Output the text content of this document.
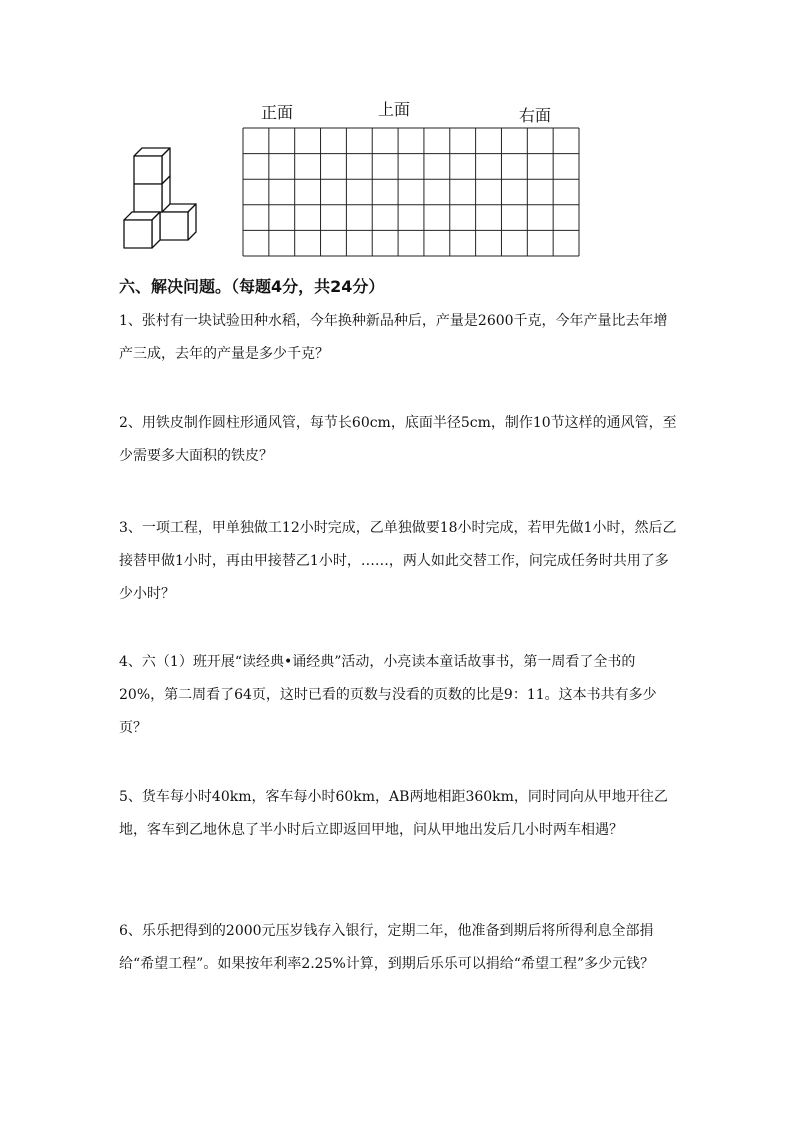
正面	上面	右面
六、解决问题。（每题4分，共24分）
1、张村有一块试验田种水稻，今年换种新品种后，产量是2600千克，今年产量比去年增产三成，去年的产量是多少千克？
2、用铁皮制作圆柱形通风管，每节长60cm，底面半径5cm，制作10节这样的通风管，至少需要多大面积的铁皮？
3、一项工程，甲单独做工12小时完成，乙单独做要18小时完成，若甲先做1小时，然后乙接替甲做1小时，再由甲接替乙1小时，……，两人如此交替工作，问完成任务时共用了多少小时？
4、六（1）班开展“读经典•诵经典”活动，小亮读本童话故事书，第一周看了全书的20%，第二周看了64页，这时已看的页数与没看的页数的比是9：11。这本书共有多少页？
5、货车每小时40km，客车每小时60km，AB两地相距360km，同时同向从甲地开往乙地，客车到乙地休息了半小时后立即返回甲地，问从甲地出发后几小时两车相遇？
6、乐乐把得到的2000元压岁钱存入银行，定期二年，他准备到期后将所得利息全部捐给“希望工程”。如果按年利率2.25%计算，到期后乐乐可以捐给“希望工程”多少元钱？
